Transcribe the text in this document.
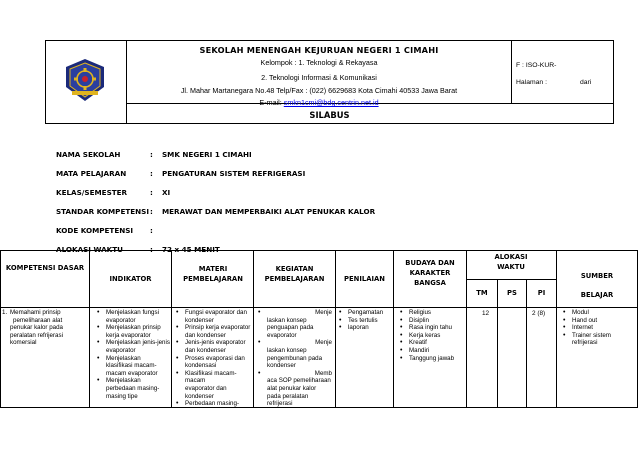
SEKOLAH MENENGAH KEJURUAN NEGERI 1 CIMAHI
Kelompok : 1. Teknologi & Rekayasa
2. Teknologi Informasi & Komunikasi
Jl. Mahar Martanegara No.48 Telp/Fax : (022) 6629683 Kota Cimahi 40533 Jawa Barat
E-mail: smkn1cmi@bdg.centrin.net.id
F : ISO-KUR-
Halaman :	dari
SILABUS
NAMA SEKOLAH	: SMK NEGERI 1 CIMAHI
MATA PELAJARAN	: PENGATURAN SISTEM REFRIGERASI
KELAS/SEMESTER	: XI
STANDAR KOMPETENSI : MERAWAT DAN MEMPERBAIKI ALAT PENUKAR KALOR
KODE KOMPETENSI :
ALOKASI WAKTU	: 72 x 45 MENIT
KOMPETENSI DASAR
INDIKATOR
MATERI PEMBELAJARAN
KEGIATAN PEMBELAJARAN	PENILAIAN
BUDAYA DAN KARAKTER BANGSA
ALOKASI WAKTU
TM	PS	PI
SUMBER
BELAJAR
1. Memahami prinsip
pemeliharaan alat
penukar kalor pada
peralatan refrijerasi
komersial
• Menjelaskan fungsi
evaporator
• Menjelaskan prinsip
kerja evaporator
• Menjelaskan jenis-jenis
evaporator
• Menjelaskan
klasifikasi macam-
macam evaporator
• Menjelaskan
perbedaan masing-
masing tipe
• Fungsi evaporator dan
kondenser
• Prinsip kerja evaporator
dan kondenser
• Jenis-jenis evaporator
dan kondenser
• Proses evaporasi dan
kondensasi
• Klasifikasi macam-macam
evaporator dan
kondenser
• Perbedaan masing-
• Menje
laskan konsep
penguapan pada
evaporator
• Menje
laskan konsep
pengembunan pada
kondenser
• Memb
aca SOP pemeliharaan
alat penukar kalor
pada peralatan
refrijerasi
• Pengamatan
• Tes tertulis
• laporan
• Religius
• Disiplin
• Rasa ingin tahu
• Kerja keras
• Kreatif
• Mandiri
• Tanggung jawab
12	2 (8)
•	Modul
• Hand out
• Internet
• Trainer sistem
refrijerasi
